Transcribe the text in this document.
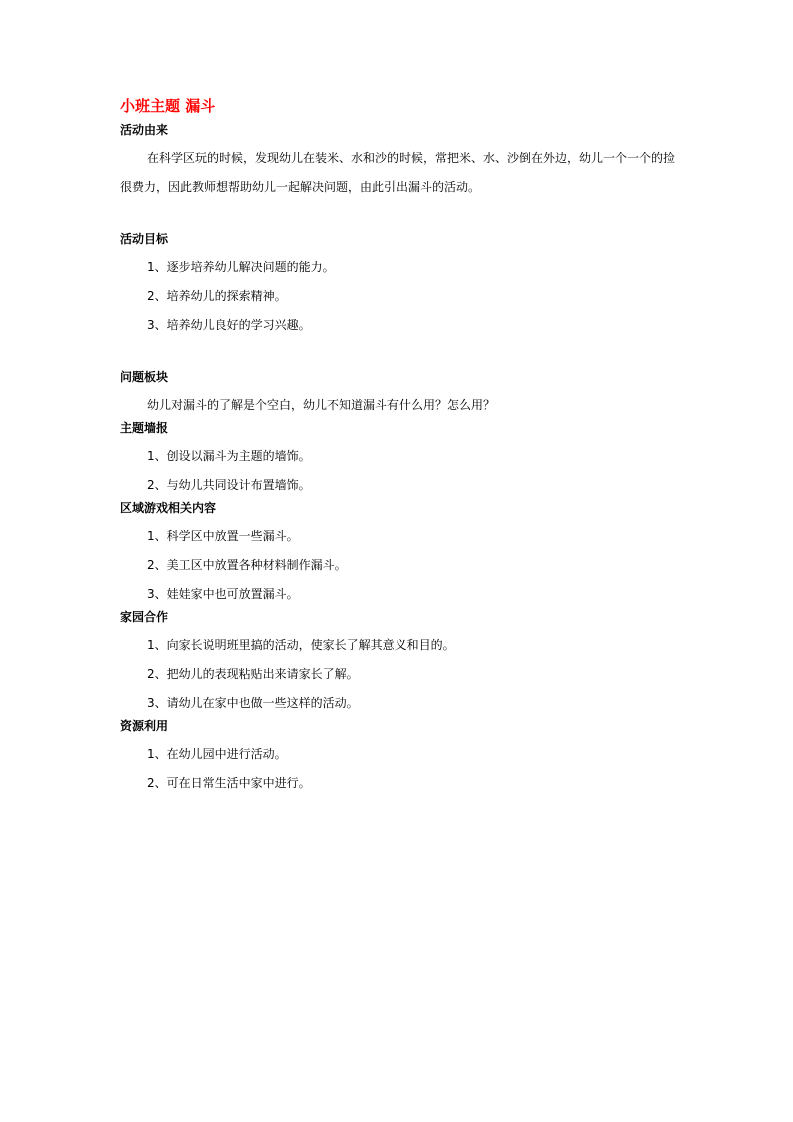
小班主题 漏斗
活动由来

在科学区玩的时候，发现幼儿在装米、水和沙的时候，常把米、水、沙倒在外边，幼儿一个一个的捡很费力，因此教师想帮助幼儿一起解决问题，由此引出漏斗的活动。

活动目标

1、逐步培养幼儿解决问题的能力。

2、培养幼儿的探索精神。

3、培养幼儿良好的学习兴趣。

问题板块

幼儿对漏斗的了解是个空白，幼儿不知道漏斗有什么用？怎么用？

主题墙报

1、创设以漏斗为主题的墙饰。

2、与幼儿共同设计布置墙饰。

区域游戏相关内容

1、科学区中放置一些漏斗。

2、美工区中放置各种材料制作漏斗。

3、娃娃家中也可放置漏斗。

家园合作

1、向家长说明班里搞的活动，使家长了解其意义和目的。

2、把幼儿的表现粘贴出来请家长了解。

3、请幼儿在家中也做一些这样的活动。

资源利用

1、在幼儿园中进行活动。

2、可在日常生活中家中进行。
